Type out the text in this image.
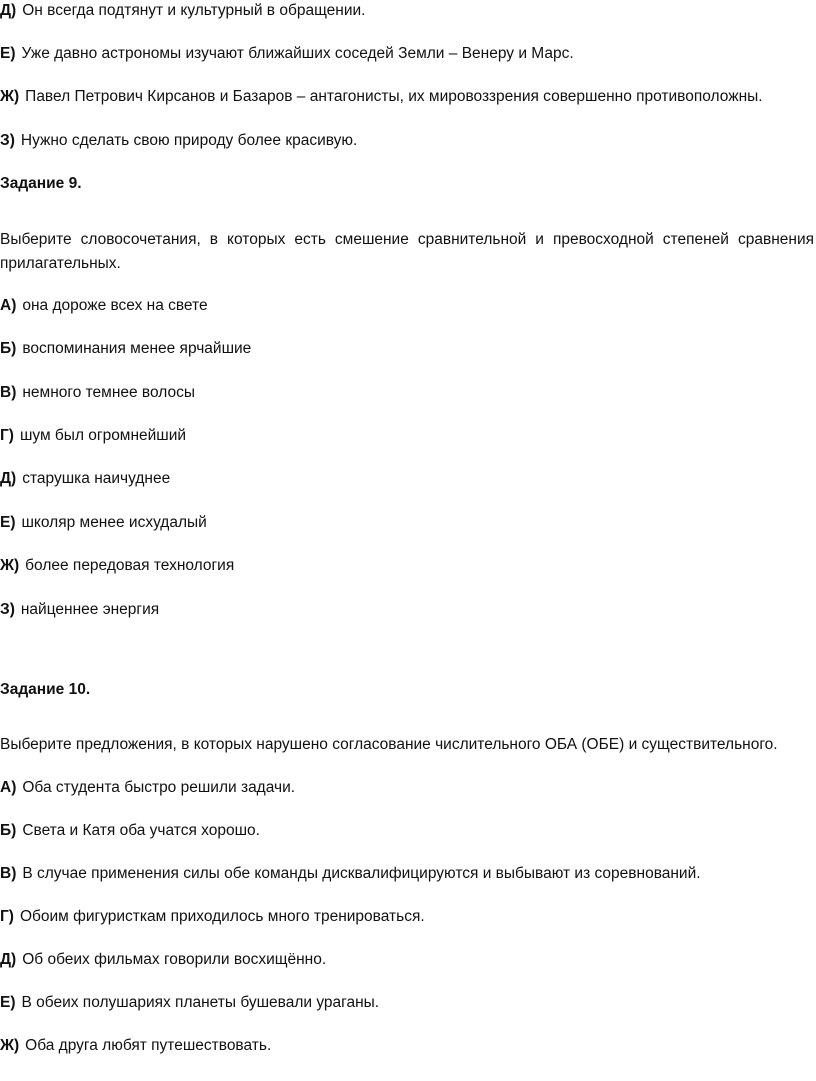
Д) Он всегда подтянут и культурный в обращении.
Е) Уже давно астрономы изучают ближайших соседей Земли – Венеру и Марс.
Ж) Павел Петрович Кирсанов и Базаров – антагонисты, их мировоззрения совершенно противоположны.
З) Нужно сделать свою природу более красивую.
Задание 9.
Выберите словосочетания, в которых есть смешение сравнительной и превосходной степеней сравнения прилагательных.
А) она дороже всех на свете
Б) воспоминания менее ярчайшие
В) немного темнее волосы
Г) шум был огромнейший
Д) старушка наичуднее
Е) школяр менее исхудалый
Ж) более передовая технология
З) найценнее энергия
Задание 10.
Выберите предложения, в которых нарушено согласование числительного ОБА (ОБЕ) и существительного.
А) Оба студента быстро решили задачи.
Б) Света и Катя оба учатся хорошо.
В) В случае применения силы обе команды дисквалифицируются и выбывают из соревнований.
Г) Обоим фигуристкам приходилось много тренироваться.
Д) Об обеих фильмах говорили восхищённо.
Е) В обеих полушариях планеты бушевали ураганы.
Ж) Оба друга любят путешествовать.
